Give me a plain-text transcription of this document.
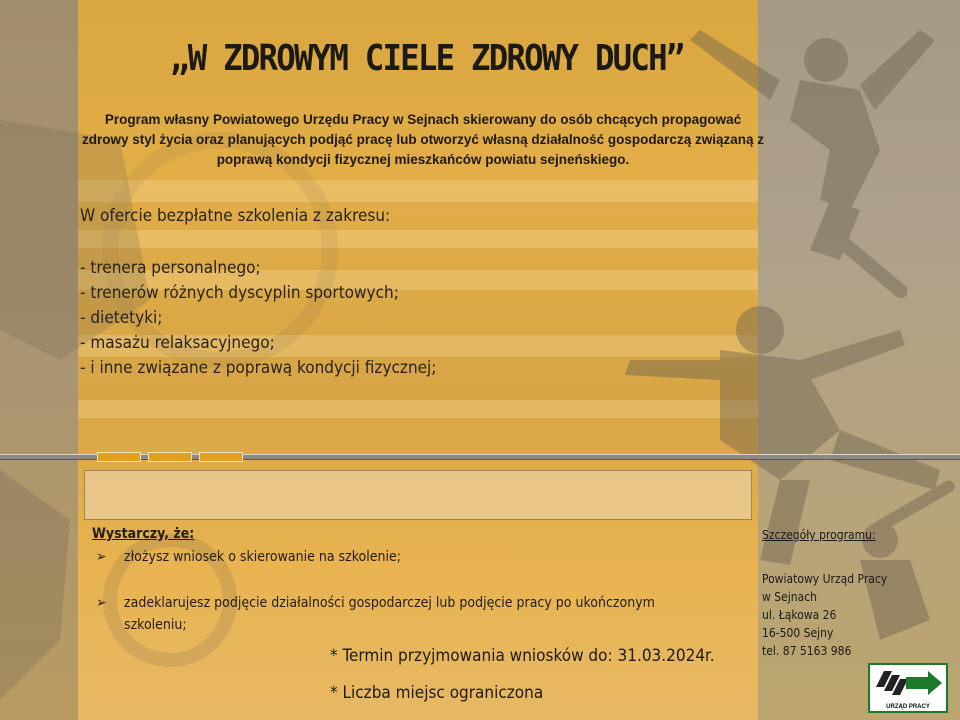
„W ZDROWYM CIELE ZDROWY DUCH”
Program własny Powiatowego Urzędu Pracy w Sejnach skierowany do osób chcących propagować zdrowy styl życia oraz planujących podjąć pracę lub otworzyć własną działalność gospodarczą związaną z poprawą kondycji fizycznej mieszkańców powiatu sejneńskiego.
W ofercie bezpłatne szkolenia z zakresu:
- trenera personalnego;
- trenerów różnych dyscyplin sportowych;
- dietetyki;
- masażu relaksacyjnego;
- i inne związane z poprawą kondycji fizycznej;
Wystarczy, że:
➢ złożysz wniosek o skierowanie na szkolenie;
➢ zadeklarujesz podjęcie działalności gospodarczej lub podjęcie pracy po ukończonym szkoleniu;
* Termin przyjmowania wniosków do: 31.03.2024r.
* Liczba miejsc ograniczona
Szczegóły programu:
Powiatowy Urząd Pracy
w Sejnach
ul. Łąkowa 26
16-500 Sejny
tel. 87 5163 986
URZĄD PRACY
